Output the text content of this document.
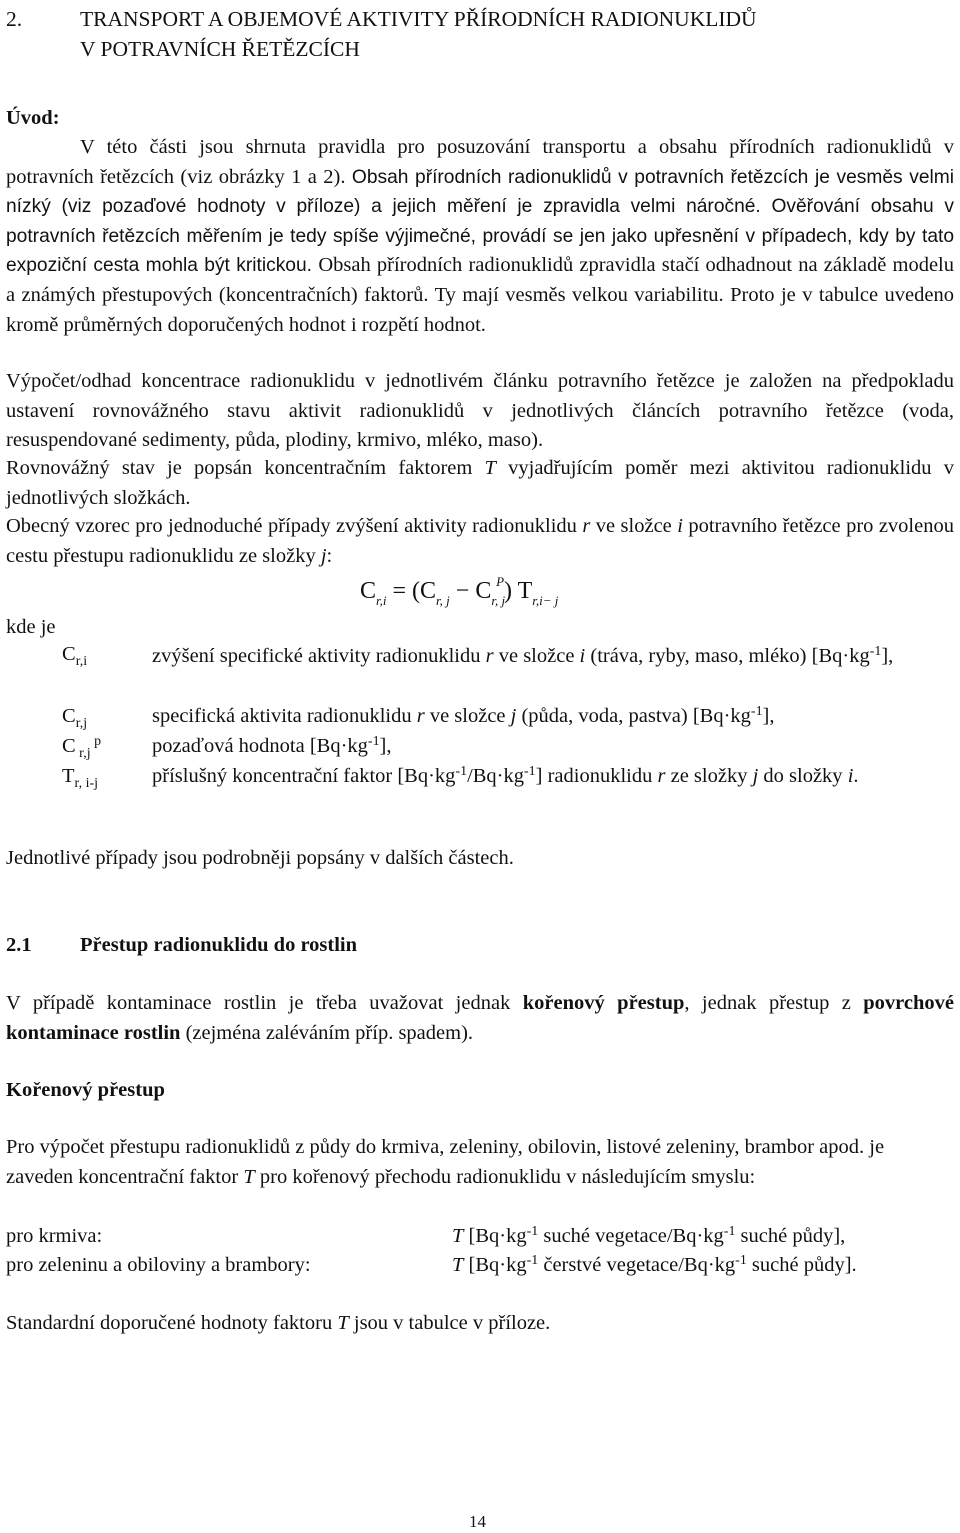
2.	TRANSPORT A OBJEMOVÉ AKTIVITY PŘÍRODNÍCH RADIONUKLIDŮ
V POTRAVNÍCH ŘETĚZCÍCH
Úvod:

V této části jsou shrnuta pravidla pro posuzování transportu a obsahu přírodních radionuklidů v potravních řetězcích (viz obrázky 1 a 2). Obsah přírodních radionuklidů v potravních řetězcích je vesměs velmi nízký (viz pozaďové hodnoty v příloze) a jejich měření je zpravidla velmi náročné. Ověřování obsahu v potravních řetězcích měřením je tedy spíše výjimečné, provádí se jen jako upřesnění v případech, kdy by tato expoziční cesta mohla být kritickou. Obsah přírodních radionuklidů zpravidla stačí odhadnout na základě modelu a známých přestupových (koncentračních) faktorů. Ty mají vesměs velkou variabilitu. Proto je v tabulce uvedeno kromě průměrných doporučených hodnot i rozpětí hodnot.

Výpočet/odhad koncentrace radionuklidu v jednotlivém článku potravního řetězce je založen na předpokladu ustavení rovnovážného stavu aktivit radionuklidů v jednotlivých článcích potravního řetězce (voda, resuspendované sedimenty, půda, plodiny, krmivo, mléko, maso).

Rovnovážný stav je popsán koncentračním faktorem T vyjadřujícím poměr mezi aktivitou radionuklidu v jednotlivých složkách.

Obecný vzorec pro jednoduché případy zvýšení aktivity radionuklidu r ve složce i potravního řetězce pro zvolenou cestu přestupu radionuklidu ze složky j:

$C_{r,i} = (C_{r, j} - C_{r, j}^P)$ $T_{r,i- j}$
kde je
$C_{r,i}$	zvýšení specifické aktivity radionuklidu r ve složce i (tráva, ryby, maso, mléko) $[Bq\cdot kg^{-1}]$,
$C_{r,j}$	specifická aktivita radionuklidu r ve složce j (půda, voda, pastva) $[Bq\cdot kg^{-1}]$,
C $_{r,j}$ $^p$ pozaďová hodnota $[Bq\cdot kg^{-1}]$,
$T_{r, i-j}$	příslušný koncentrační faktor $[Bq\cdot kg^{-1}/Bq\cdot kg^{-1}]$ radionuklidu r ze složky j do složky i.

Jednotlivé případy jsou podrobněji popsány v dalších částech.

2.1 Přestup radionuklidu do rostlin

V případě kontaminace rostlin je třeba uvažovat jednak kořenový přestup, jednak přestup z povrchové kontaminace rostlin (zejména zaléváním příp. spadem).

Kořenový přestup

Pro výpočet přestupu radionuklidů z půdy do krmiva, zeleniny, obilovin, listové zeleniny, brambor apod. je zaveden koncentrační faktor T pro kořenový přechodu radionuklidu v následujícím smyslu:

pro krmiva:	T [$Bq\cdot kg^{-1}$ suché vegetace/$Bq\cdot kg^{-1}$ suché půdy],
pro zeleninu a obiloviny a brambory:	T [$Bq\cdot kg^{-1}$ čerstvé vegetace/$Bq\cdot kg^{-1}$ suché půdy].

Standardní doporučené hodnoty faktoru T jsou v tabulce v příloze.

14
